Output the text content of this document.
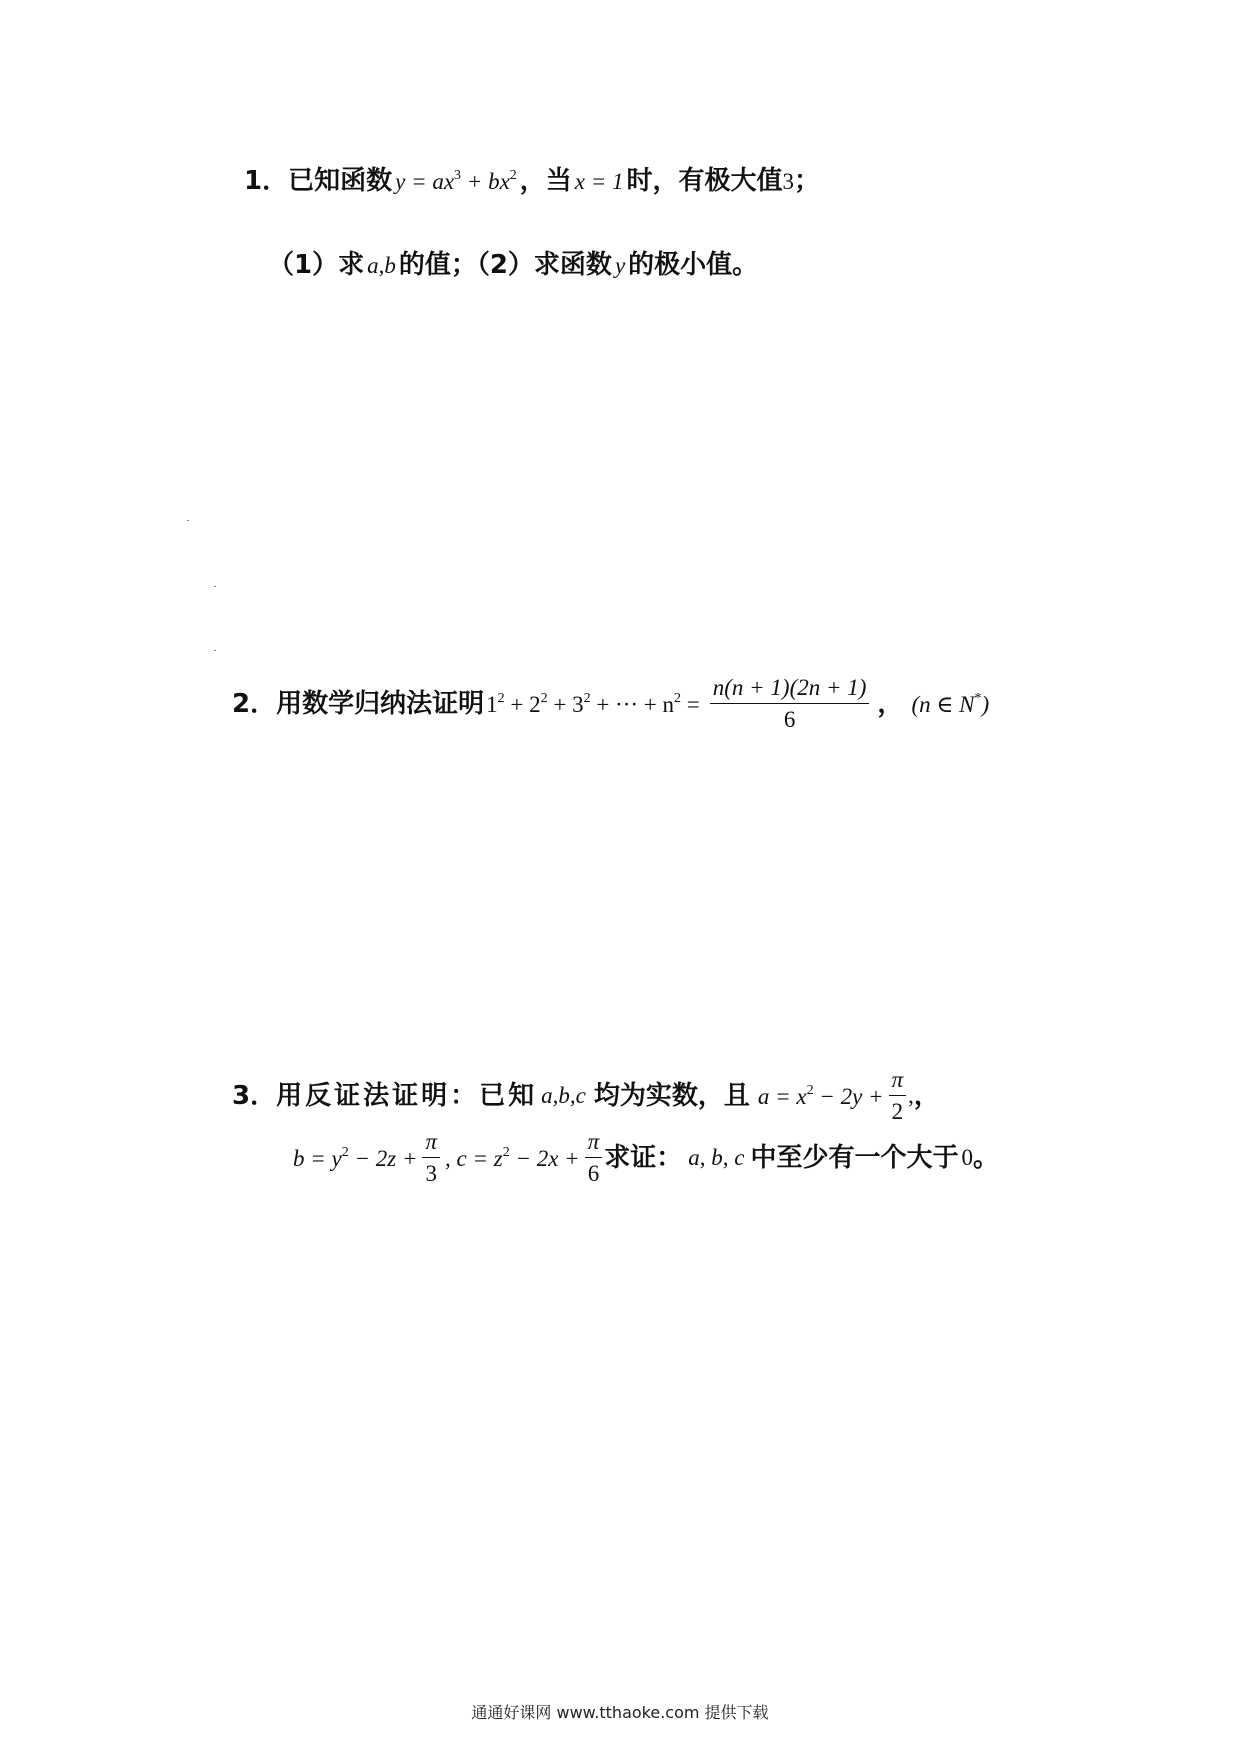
1． 已知函数 $y = ax^3 + bx^2$ ，当 x = 1 时，有极大值 3 ；
（1）求 a,b 的值；（2）求函数 y 的极小值。
2． 用数学归纳法证明 $1^2 + 2^2 + 3^2$ + ··· + $n^2 = \frac{n(n + 1)(2n + 1)}{6}$ ， (n ∈ N*)
3． 用反证法证明：已知 a,b,c 均为实数，且 $a = x^2 - 2y + \frac{\pi}{2}$ , ，
$b = y^2 - 2z + \frac{\pi}{3}$ , $c = z^2 - 2x + \frac{\pi}{6}$ 求证： a, b, c 中至少有一个大于 0 。
通通好课网 www.tthaoke.com 提供下载
